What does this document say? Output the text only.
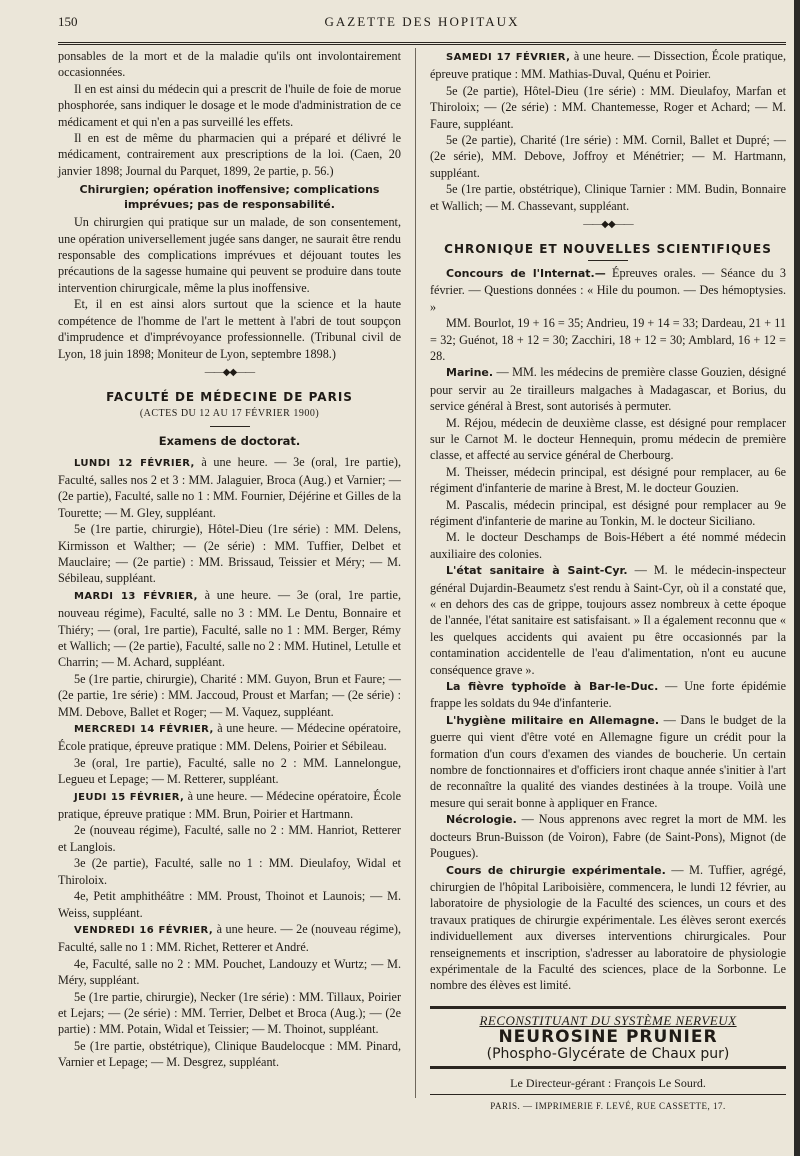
150	GAZETTE DES HOPITAUX

ponsables de la mort et de la maladie qu'ils ont involontairement occasionnées.

Il en est ainsi du médecin qui a prescrit de l'huile de foie de morue phosphorée, sans indiquer le dosage et le mode d'administration de ce médicament et qui n'en a pas surveillé les effets.

Il en est de même du pharmacien qui a préparé et délivré le médicament, contrairement aux prescriptions de la loi. (Caen, 20 janvier 1898; Journal du Parquet, 1899, 2e partie, p. 56.)

Chirurgien; opération inoffensive; complications imprévues; pas de responsabilité.

Un chirurgien qui pratique sur un malade, de son consentement, une opération universellement jugée sans danger, ne saurait être rendu responsable des complications imprévues et déjouant toutes les précautions de la sagesse humaine qui peuvent se produire dans toute intervention chirurgicale, même la plus inoffensive.

Et, il en est ainsi alors surtout que la science et la haute compétence de l'homme de l'art le mettent à l'abri de tout soupçon d'imprudence et d'imprévoyance professionnelle. (Tribunal civil de Lyon, 18 juin 1898; Moniteur de Lyon, septembre 1898.)

——◆◆——
FACULTÉ DE MÉDECINE DE PARIS
(ACTES DU 12 AU 17 FÉVRIER 1900)
Examens de doctorat.

LUNDI 12 FÉVRIER, à une heure. — 3e (oral, 1re partie), Faculté, salles nos 2 et 3 : MM. Jalaguier, Broca (Aug.) et Varnier; — (2e partie), Faculté, salle no 1 : MM. Fournier, Déjérine et Gilles de la Tourette; — M. Gley, suppléant.

5e (1re partie, chirurgie), Hôtel-Dieu (1re série) : MM. Delens, Kirmisson et Walther; — (2e série) : MM. Tuffier, Delbet et Mauclaire; — (2e partie) : MM. Brissaud, Teissier et Méry; — M. Sébileau, suppléant.

MARDI 13 FÉVRIER, à une heure. — 3e (oral, 1re partie, nouveau régime), Faculté, salle no 3 : MM. Le Dentu, Bonnaire et Thiéry; — (oral, 1re partie), Faculté, salle no 1 : MM. Berger, Rémy et Wallich; — (2e partie), Faculté, salle no 2 : MM. Hutinel, Letulle et Charrin; — M. Achard, suppléant.

5e (1re partie, chirurgie), Charité : MM. Guyon, Brun et Faure; — (2e partie, 1re série) : MM. Jaccoud, Proust et Marfan; — (2e série) : MM. Debove, Ballet et Roger; — M. Vaquez, suppléant.

MERCREDI 14 FÉVRIER, à une heure. — Médecine opératoire, École pratique, épreuve pratique : MM. Delens, Poirier et Sébileau.

3e (oral, 1re partie), Faculté, salle no 2 : MM. Lannelongue, Legueu et Lepage; — M. Retterer, suppléant.

JEUDI 15 FÉVRIER, à une heure. — Médecine opératoire, École pratique, épreuve pratique : MM. Brun, Poirier et Hartmann.

2e (nouveau régime), Faculté, salle no 2 : MM. Hanriot, Retterer et Langlois.

3e (2e partie), Faculté, salle no 1 : MM. Dieulafoy, Widal et Thiroloix.

4e, Petit amphithéâtre : MM. Proust, Thoinot et Launois; — M. Weiss, suppléant.

VENDREDI 16 FÉVRIER, à une heure. — 2e (nouveau régime), Faculté, salle no 1 : MM. Richet, Retterer et André.

4e, Faculté, salle no 2 : MM. Pouchet, Landouzy et Wurtz; — M. Méry, suppléant.

5e (1re partie, chirurgie), Necker (1re série) : MM. Tillaux, Poirier et Lejars; — (2e série) : MM. Terrier, Delbet et Broca (Aug.); — (2e partie) : MM. Potain, Widal et Teissier; — M. Thoinot, suppléant.

5e (1re partie, obstétrique), Clinique Baudelocque : MM. Pinard, Varnier et Lepage; — M. Desgrez, suppléant.

SAMEDI 17 FÉVRIER, à une heure. — Dissection, École pratique, épreuve pratique : MM. Mathias-Duval, Quénu et Poirier.

5e (2e partie), Hôtel-Dieu (1re série) : MM. Dieulafoy, Marfan et Thiroloix; — (2e série) : MM. Chantemesse, Roger et Achard; — M. Faure, suppléant.

5e (2e partie), Charité (1re série) : MM. Cornil, Ballet et Dupré; — (2e série), MM. Debove, Joffroy et Ménétrier; — M. Hartmann, suppléant.

5e (1re partie, obstétrique), Clinique Tarnier : MM. Budin, Bonnaire et Wallich; — M. Chassevant, suppléant.

——◆◆——
CHRONIQUE ET NOUVELLES SCIENTIFIQUES

Concours de l'Internat.— Épreuves orales. — Séance du 3 février. — Questions données : « Hile du poumon. — Des hémoptysies. »

MM. Bourlot, 19 + 16 = 35; Andrieu, 19 + 14 = 33; Dardeau, 21 + 11 = 32; Guénot, 18 + 12 = 30; Zacchiri, 18 + 12 = 30; Amblard, 16 + 12 = 28.

Marine. — MM. les médecins de première classe Gouzien, désigné pour servir au 2e tirailleurs malgaches à Madagascar, et Borius, du service général à Brest, sont autorisés à permuter.

M. Réjou, médecin de deuxième classe, est désigné pour remplacer sur le Carnot M. le docteur Hennequin, promu médecin de première classe, et affecté au service général de Cherbourg.

M. Theisser, médecin principal, est désigné pour remplacer, au 6e régiment d'infanterie de marine à Brest, M. le docteur Gouzien.

M. Pascalis, médecin principal, est désigné pour remplacer au 9e régiment d'infanterie de marine au Tonkin, M. le docteur Siciliano.

M. le docteur Deschamps de Bois-Hébert a été nommé médecin auxiliaire des colonies.

L'état sanitaire à Saint-Cyr. — M. le médecin-inspecteur général Dujardin-Beaumetz s'est rendu à Saint-Cyr, où il a constaté que, « en dehors des cas de grippe, toujours assez nombreux à cette époque de l'année, l'état sanitaire est satisfaisant. » Il a également reconnu que « les quelques accidents qui avaient pu être occasionnés par la contamination accidentelle de l'eau d'alimentation, n'ont eu aucune conséquence grave ».

La fièvre typhoïde à Bar-le-Duc. — Une forte épidémie frappe les soldats du 94e d'infanterie.

L'hygiène militaire en Allemagne. — Dans le budget de la guerre qui vient d'être voté en Allemagne figure un crédit pour la formation d'un cours d'examen des viandes de boucherie. Un certain nombre de fonctionnaires et d'officiers iront chaque année s'initier à l'art de reconnaître la qualité des viandes destinées à la troupe. Voilà une mesure qui serait bonne à appliquer en France.

Nécrologie. — Nous apprenons avec regret la mort de MM. les docteurs Brun-Buisson (de Voiron), Fabre (de Saint-Pons), Mignot (de Pougues).

Cours de chirurgie expérimentale. — M. Tuffier, agrégé, chirurgien de l'hôpital Lariboisière, commencera, le lundi 12 février, au laboratoire de physiologie de la Faculté des sciences, un cours et des travaux pratiques de chirurgie expérimentale. Les élèves seront exercés individuellement aux diverses interventions chirurgicales. Pour renseignements et inscription, s'adresser au laboratoire de physiologie expérimentale de la Faculté des sciences, place de la Sorbonne. Le nombre des élèves est limité.

RECONSTITUANT DU SYSTÈME NERVEUX
NEUROSINE PRUNIER
(Phospho-Glycérate de Chaux pur)
Le Directeur-gérant : François Le Sourd.
PARIS. — IMPRIMERIE F. LEVÉ, RUE CASSETTE, 17.
